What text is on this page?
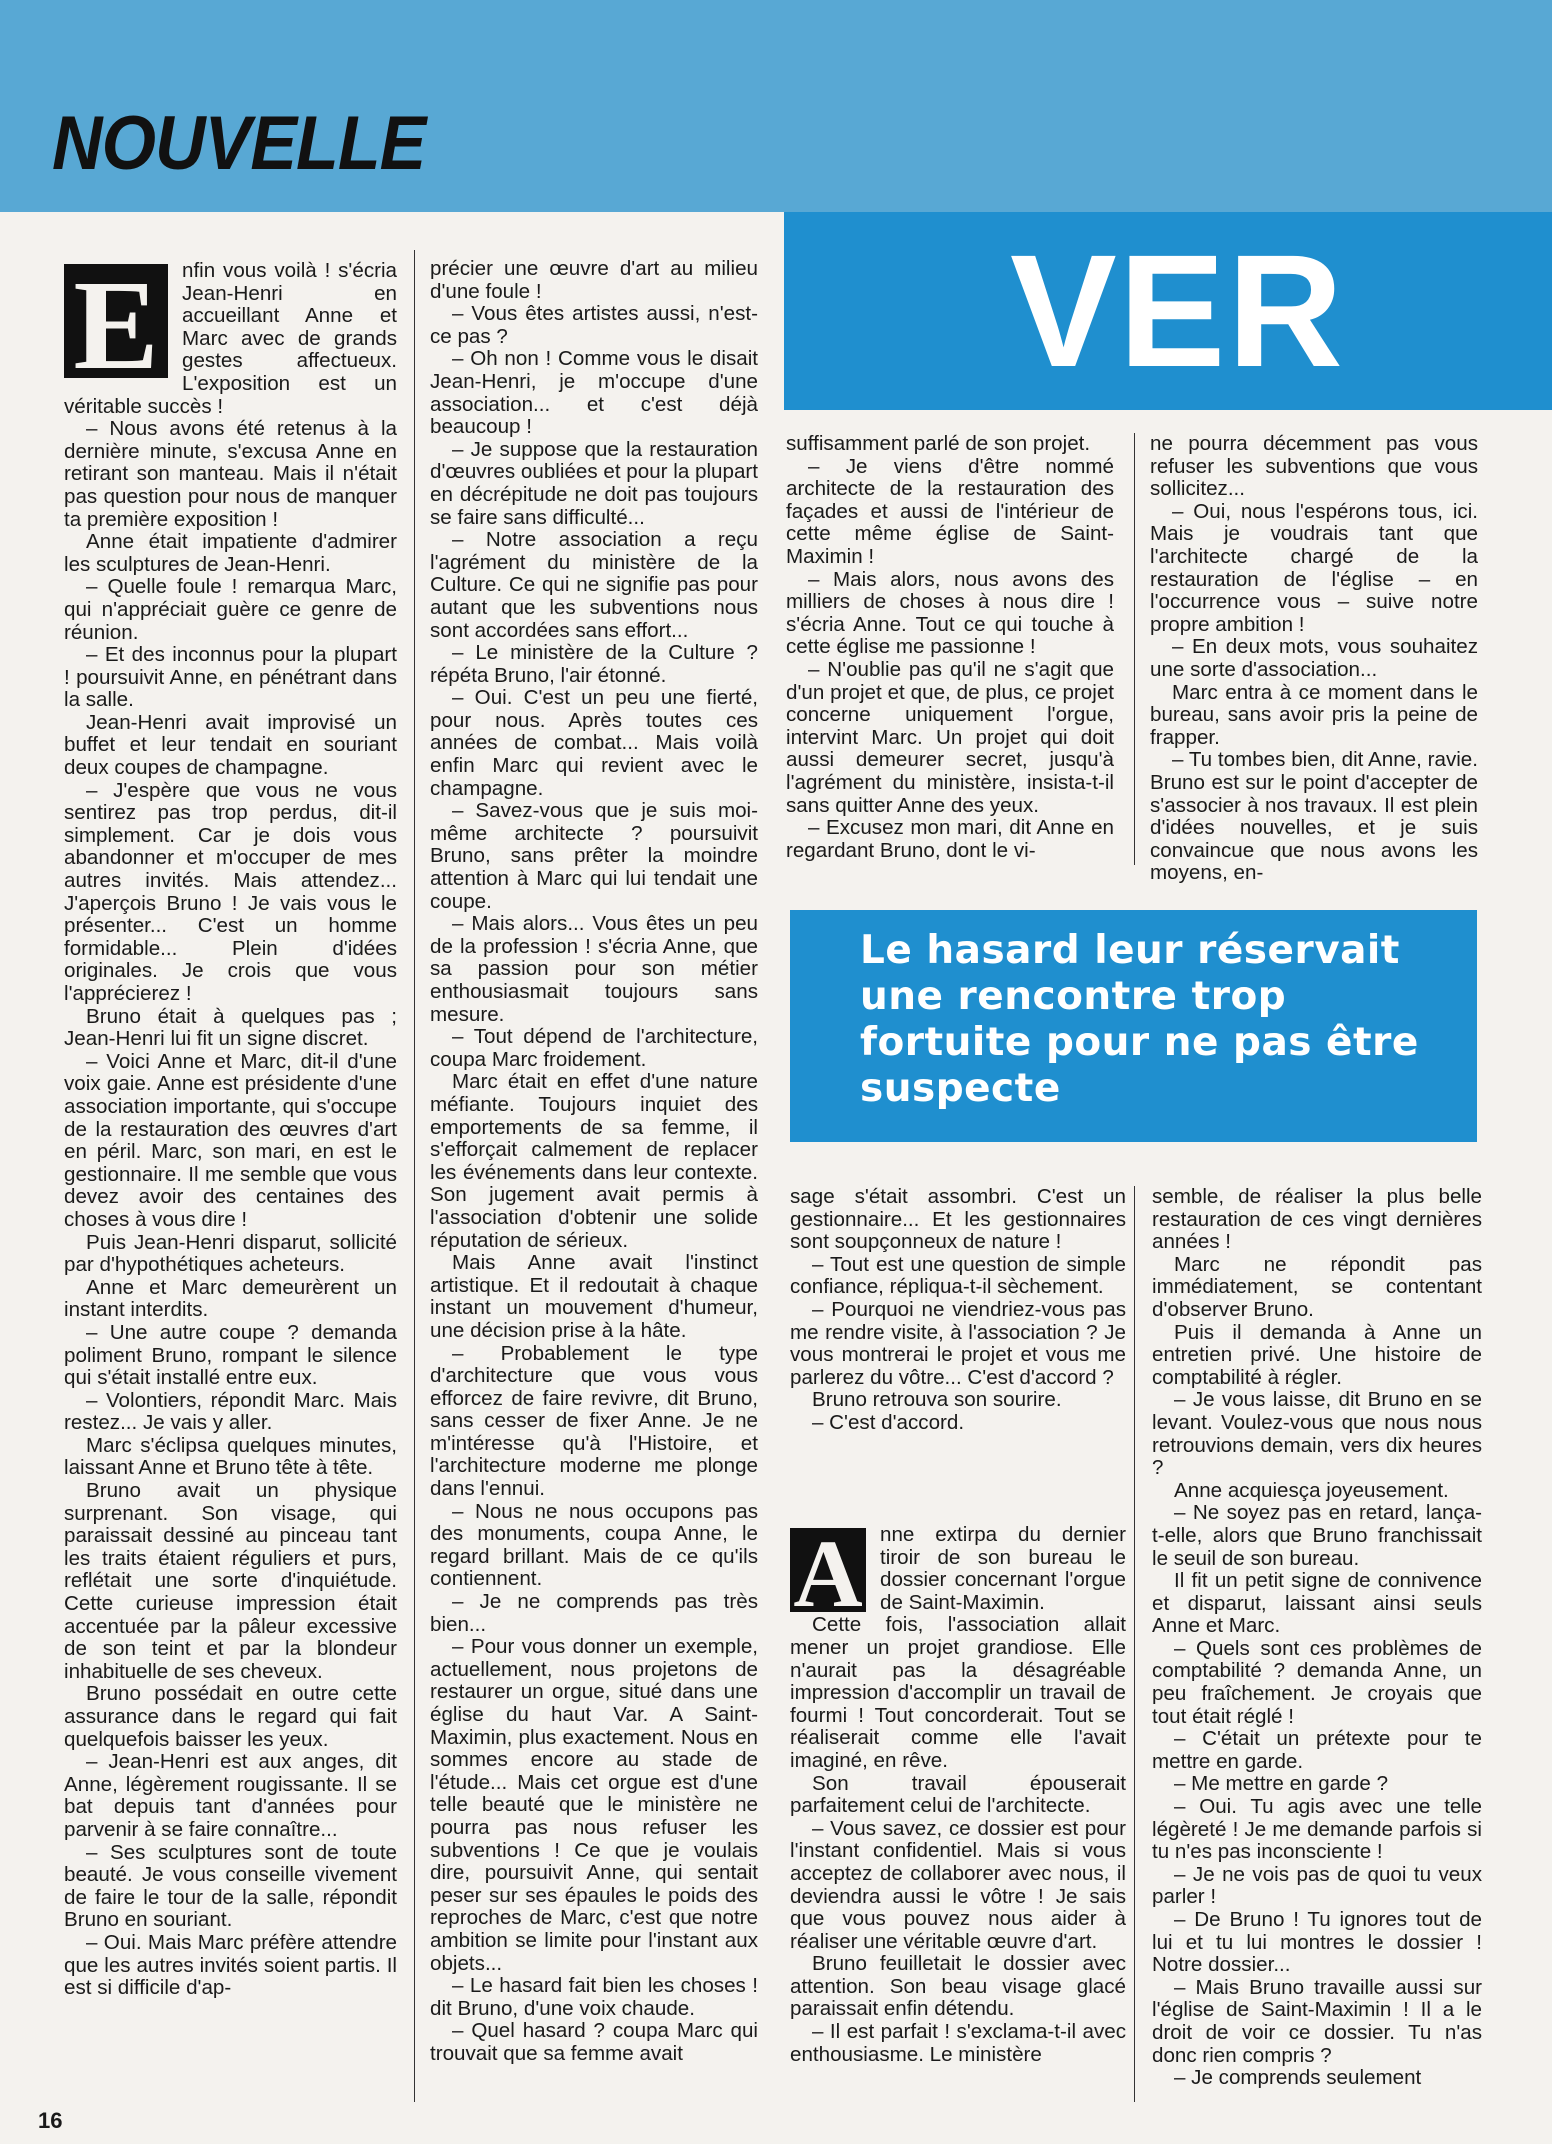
NOUVELLE
VER
E	nfin vous voilà ! s'écria Jean-Henri en accueillant Anne et Marc avec de grands gestes affectueux. L'exposition est un véritable succès !

– Nous avons été retenus à la dernière minute, s'excusa Anne en retirant son manteau. Mais il n'était pas question pour nous de manquer ta première exposition !

Anne était impatiente d'admirer les sculptures de Jean-Henri.

– Quelle foule ! remarqua Marc, qui n'appréciait guère ce genre de réunion.

– Et des inconnus pour la plupart ! poursuivit Anne, en pénétrant dans la salle.

Jean-Henri avait improvisé un buffet et leur tendait en souriant deux coupes de champagne.

– J'espère que vous ne vous sentirez pas trop perdus, dit-il simplement. Car je dois vous abandonner et m'occuper de mes autres invités. Mais attendez... J'aperçois Bruno ! Je vais vous le présenter... C'est un homme formidable... Plein d'idées originales. Je crois que vous l'apprécierez !

Bruno était à quelques pas ; Jean-Henri lui fit un signe discret.

– Voici Anne et Marc, dit-il d'une voix gaie. Anne est présidente d'une association importante, qui s'occupe de la restauration des œuvres d'art en péril. Marc, son mari, en est le gestionnaire. Il me semble que vous devez avoir des centaines des choses à vous dire !

Puis Jean-Henri disparut, sollicité par d'hypothétiques acheteurs.

Anne et Marc demeurèrent un instant interdits.

– Une autre coupe ? demanda poliment Bruno, rompant le silence qui s'était installé entre eux.

– Volontiers, répondit Marc. Mais restez... Je vais y aller.

Marc s'éclipsa quelques minutes, laissant Anne et Bruno tête à tête.

Bruno avait un physique surprenant. Son visage, qui paraissait dessiné au pinceau tant les traits étaient réguliers et purs, reflétait une sorte d'inquiétude. Cette curieuse impression était accentuée par la pâleur excessive de son teint et par la blondeur inhabituelle de ses cheveux.

Bruno possédait en outre cette assurance dans le regard qui fait quelquefois baisser les yeux.

– Jean-Henri est aux anges, dit Anne, légèrement rougissante. Il se bat depuis tant d'années pour parvenir à se faire connaître...

– Ses sculptures sont de toute beauté. Je vous conseille vivement de faire le tour de la salle, répondit Bruno en souriant.

– Oui. Mais Marc préfère attendre que les autres invités soient partis. Il est si difficile d'ap-

précier une œuvre d'art au milieu d'une foule !

– Vous êtes artistes aussi, n'est-ce pas ?

– Oh non ! Comme vous le disait Jean-Henri, je m'occupe d'une association... et c'est déjà beaucoup !

– Je suppose que la restauration d'œuvres oubliées et pour la plupart en décrépitude ne doit pas toujours se faire sans difficulté...

– Notre association a reçu l'agrément du ministère de la Culture. Ce qui ne signifie pas pour autant que les subventions nous sont accordées sans effort...

– Le ministère de la Culture ? répéta Bruno, l'air étonné.

– Oui. C'est un peu une fierté, pour nous. Après toutes ces années de combat... Mais voilà enfin Marc qui revient avec le champagne.

– Savez-vous que je suis moi-même architecte ? poursuivit Bruno, sans prêter la moindre attention à Marc qui lui tendait une coupe.

– Mais alors... Vous êtes un peu de la profession ! s'écria Anne, que sa passion pour son métier enthousiasmait toujours sans mesure.

– Tout dépend de l'architecture, coupa Marc froidement.

Marc était en effet d'une nature méfiante. Toujours inquiet des emportements de sa femme, il s'efforçait calmement de replacer les événements dans leur contexte. Son jugement avait permis à l'association d'obtenir une solide réputation de sérieux.

Mais Anne avait l'instinct artistique. Et il redoutait à chaque instant un mouvement d'humeur, une décision prise à la hâte.

– Probablement le type d'architecture que vous vous efforcez de faire revivre, dit Bruno, sans cesser de fixer Anne. Je ne m'intéresse qu'à l'Histoire, et l'architecture moderne me plonge dans l'ennui.

– Nous ne nous occupons pas des monuments, coupa Anne, le regard brillant. Mais de ce qu'ils contiennent.

– Je ne comprends pas très bien...

– Pour vous donner un exemple, actuellement, nous projetons de restaurer un orgue, situé dans une église du haut Var. A Saint-Maximin, plus exactement. Nous en sommes encore au stade de l'étude... Mais cet orgue est d'une telle beauté que le ministère ne pourra pas nous refuser les subventions ! Ce que je voulais dire, poursuivit Anne, qui sentait peser sur ses épaules le poids des reproches de Marc, c'est que notre ambition se limite pour l'instant aux objets...

– Le hasard fait bien les choses ! dit Bruno, d'une voix chaude.

– Quel hasard ? coupa Marc qui trouvait que sa femme avait

suffisamment parlé de son projet.

– Je viens d'être nommé architecte de la restauration des façades et aussi de l'intérieur de cette même église de Saint-Maximin !

– Mais alors, nous avons des milliers de choses à nous dire ! s'écria Anne. Tout ce qui touche à cette église me passionne !

– N'oublie pas qu'il ne s'agit que d'un projet et que, de plus, ce projet concerne uniquement l'orgue, intervint Marc. Un projet qui doit aussi demeurer secret, jusqu'à l'agrément du ministère, insista-t-il sans quitter Anne des yeux.

– Excusez mon mari, dit Anne en regardant Bruno, dont le vi-

ne pourra décemment pas vous refuser les subventions que vous sollicitez...

– Oui, nous l'espérons tous, ici. Mais je voudrais tant que l'architecte chargé de la restauration de l'église – en l'occurrence vous – suive notre propre ambition !

– En deux mots, vous souhaitez une sorte d'association...

Marc entra à ce moment dans le bureau, sans avoir pris la peine de frapper.

– Tu tombes bien, dit Anne, ravie. Bruno est sur le point d'accepter de s'associer à nos travaux. Il est plein d'idées nouvelles, et je suis convaincue que nous avons les moyens, en-

Le hasard leur réservait une rencontre trop fortuite pour ne pas être suspecte

sage s'était assombri. C'est un gestionnaire... Et les gestionnaires sont soupçonneux de nature !

– Tout est une question de simple confiance, répliqua-t-il sèchement.

– Pourquoi ne viendriez-vous pas me rendre visite, à l'association ? Je vous montrerai le projet et vous me parlerez du vôtre... C'est d'accord ?

Bruno retrouva son sourire.

– C'est d'accord.

A nne extirpa du dernier tiroir de son bureau le dossier concernant l'orgue de Saint-Maximin.

Cette fois, l'association allait mener un projet grandiose. Elle n'aurait pas la désagréable impression d'accomplir un travail de fourmi ! Tout concorderait. Tout se réaliserait comme elle l'avait imaginé, en rêve.

Son travail épouserait parfaitement celui de l'architecte.

– Vous savez, ce dossier est pour l'instant confidentiel. Mais si vous acceptez de collaborer avec nous, il deviendra aussi le vôtre ! Je sais que vous pouvez nous aider à réaliser une véritable œuvre d'art.

Bruno feuilletait le dossier avec attention. Son beau visage glacé paraissait enfin détendu.

– Il est parfait ! s'exclama-t-il avec enthousiasme. Le ministère

semble, de réaliser la plus belle restauration de ces vingt dernières années !

Marc ne répondit pas immédiatement, se contentant d'observer Bruno.

Puis il demanda à Anne un entretien privé. Une histoire de comptabilité à régler.

– Je vous laisse, dit Bruno en se levant. Voulez-vous que nous nous retrouvions demain, vers dix heures ?

Anne acquiesça joyeusement.

– Ne soyez pas en retard, lança-t-elle, alors que Bruno franchissait le seuil de son bureau.

Il fit un petit signe de connivence et disparut, laissant ainsi seuls Anne et Marc.

– Quels sont ces problèmes de comptabilité ? demanda Anne, un peu fraîchement. Je croyais que tout était réglé !

– C'était un prétexte pour te mettre en garde.

– Me mettre en garde ?

– Oui. Tu agis avec une telle légèreté ! Je me demande parfois si tu n'es pas inconsciente !

– Je ne vois pas de quoi tu veux parler !

– De Bruno ! Tu ignores tout de lui et tu lui montres le dossier ! Notre dossier...

– Mais Bruno travaille aussi sur l'église de Saint-Maximin ! Il a le droit de voir ce dossier. Tu n'as donc rien compris ?

– Je comprends seulement

16
